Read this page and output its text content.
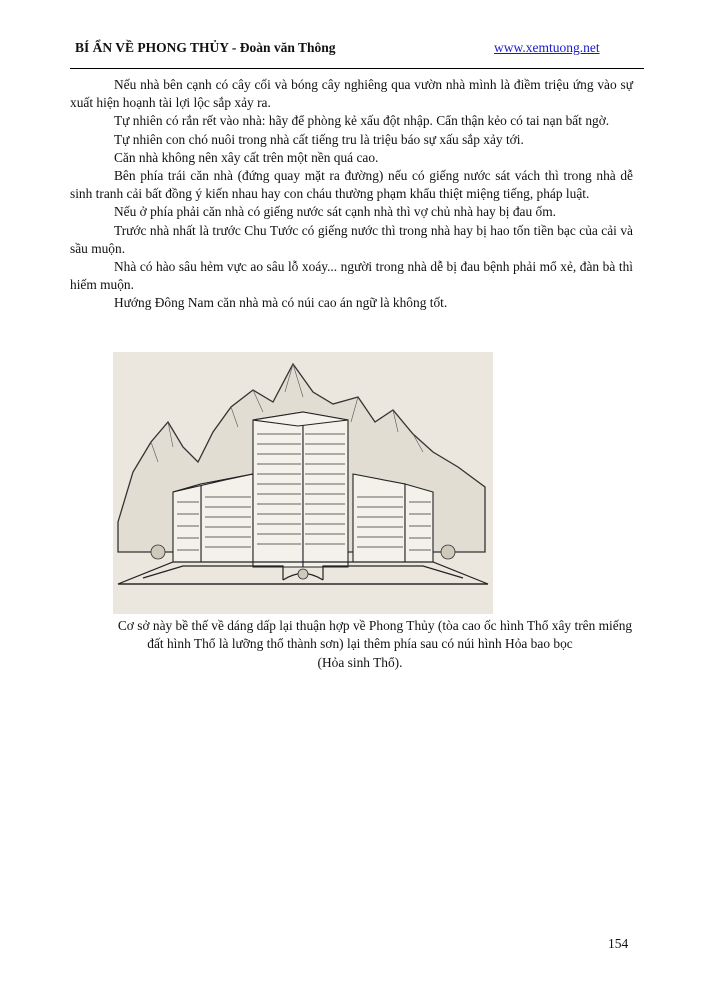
BÍ ẨN VỀ PHONG THỦY - Đoàn văn Thông	www.xemtuong.net

Nếu nhà bên cạnh có cây cối và bóng cây nghiêng qua vườn nhà mình là điềm triệu ứng vào sự xuất hiện hoạnh tài lợi lộc sắp xảy ra.

Tự nhiên có rắn rết vào nhà: hãy để phòng kẻ xấu đột nhập. Cẩn thận kẻo có tai nạn bất ngờ.

Tự nhiên con chó nuôi trong nhà cất tiếng tru là triệu báo sự xấu sắp xảy tới.

Căn nhà không nên xây cất trên một nền quá cao.

Bên phía trái căn nhà (đứng quay mặt ra đường) nếu có giếng nước sát vách thì trong nhà dễ sinh tranh cải bất đồng ý kiến nhau hay con cháu thường phạm khẩu thiệt miệng tiếng, pháp luật.

Nếu ở phía phải căn nhà có giếng nước sát cạnh nhà thì vợ chủ nhà hay bị đau ốm.

Trước nhà nhất là trước Chu Tước có giếng nước thì trong nhà hay bị hao tốn tiền bạc của cải và sầu muộn.

Nhà có hào sâu hẻm vực ao sâu lỗ xoáy... người trong nhà dễ bị đau bệnh phải mổ xẻ, đàn bà thì hiếm muộn.

Hướng Đông Nam căn nhà mà có núi cao án ngữ là không tốt.

Cơ sở này bề thế về dáng dấp lại thuận hợp về Phong Thủy (tòa cao ốc hình Thổ xây trên miếng đất hình Thổ là lưỡng thổ thành sơn) lại thêm phía sau có núi hình Hỏa bao bọc
(Hỏa sinh Thổ).
154
